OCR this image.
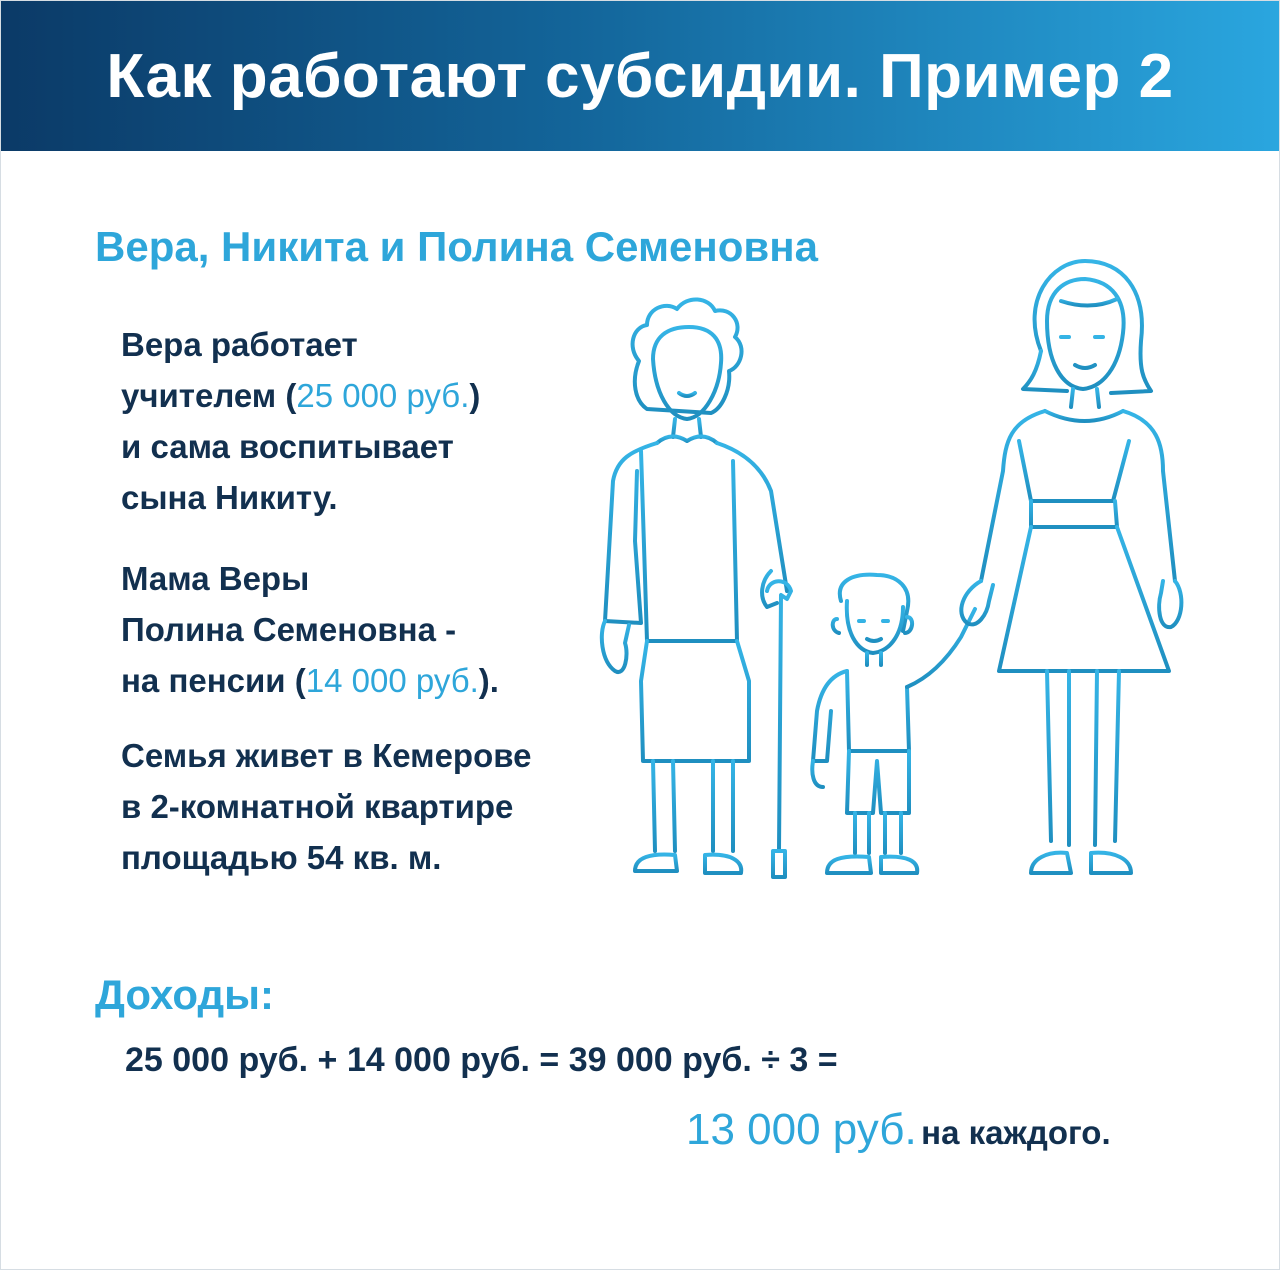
Как работают субсидии. Пример 2
Вера, Никита и Полина Семеновна
Вера работает
учителем (25 000 руб.)
и сама воспитывает
сына Никиту.
Мама Веры
Полина Семеновна -
на пенсии (14 000 руб.).
Семья живет в Кемерове
в 2-комнатной квартире
площадью 54 кв. м.
Доходы:

25 000 руб. + 14 000 руб. = 39 000 руб. ÷ 3 =

13 000 руб. на каждого.
